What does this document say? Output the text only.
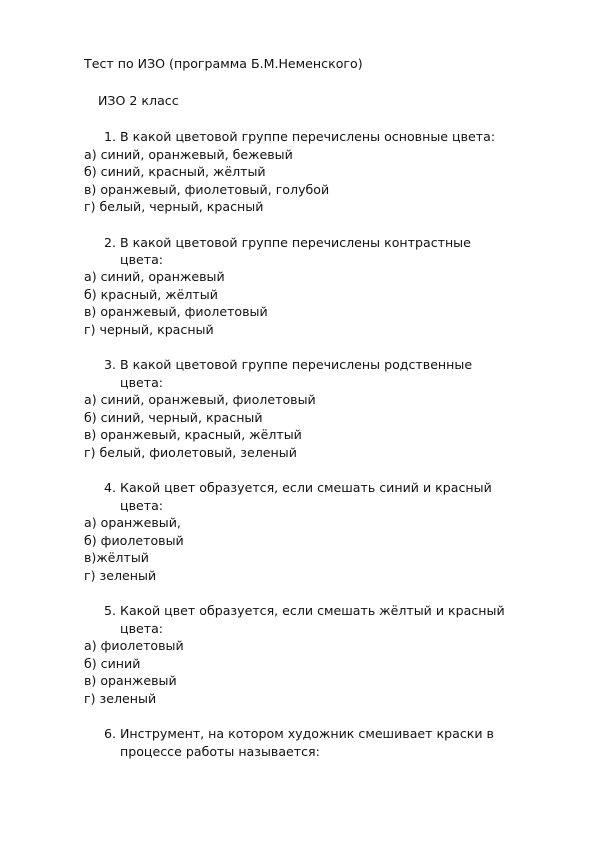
Тест по ИЗО (программа Б.М.Неменского)
ИЗО 2 класс
1. В какой цветовой группе перечислены основные цвета:
а) синий, оранжевый, бежевый
б) синий, красный, жёлтый
в) оранжевый, фиолетовый, голубой
г) белый, черный, красный
2. В какой цветовой группе перечислены контрастные
цвета:
а) синий, оранжевый
б) красный, жёлтый
в) оранжевый, фиолетовый
г) черный, красный
3. В какой цветовой группе перечислены родственные
цвета:
а) синий, оранжевый, фиолетовый
б) синий, черный, красный
в) оранжевый, красный, жёлтый
г) белый, фиолетовый, зеленый
4. Какой цвет образуется, если смешать синий и красный
цвета:
а) оранжевый,
б) фиолетовый
в)жёлтый
г) зеленый
5. Какой цвет образуется, если смешать жёлтый и красный
цвета:
а) фиолетовый
б) синий
в) оранжевый
г) зеленый
6. Инструмент, на котором художник смешивает краски в
процессе работы называется:
